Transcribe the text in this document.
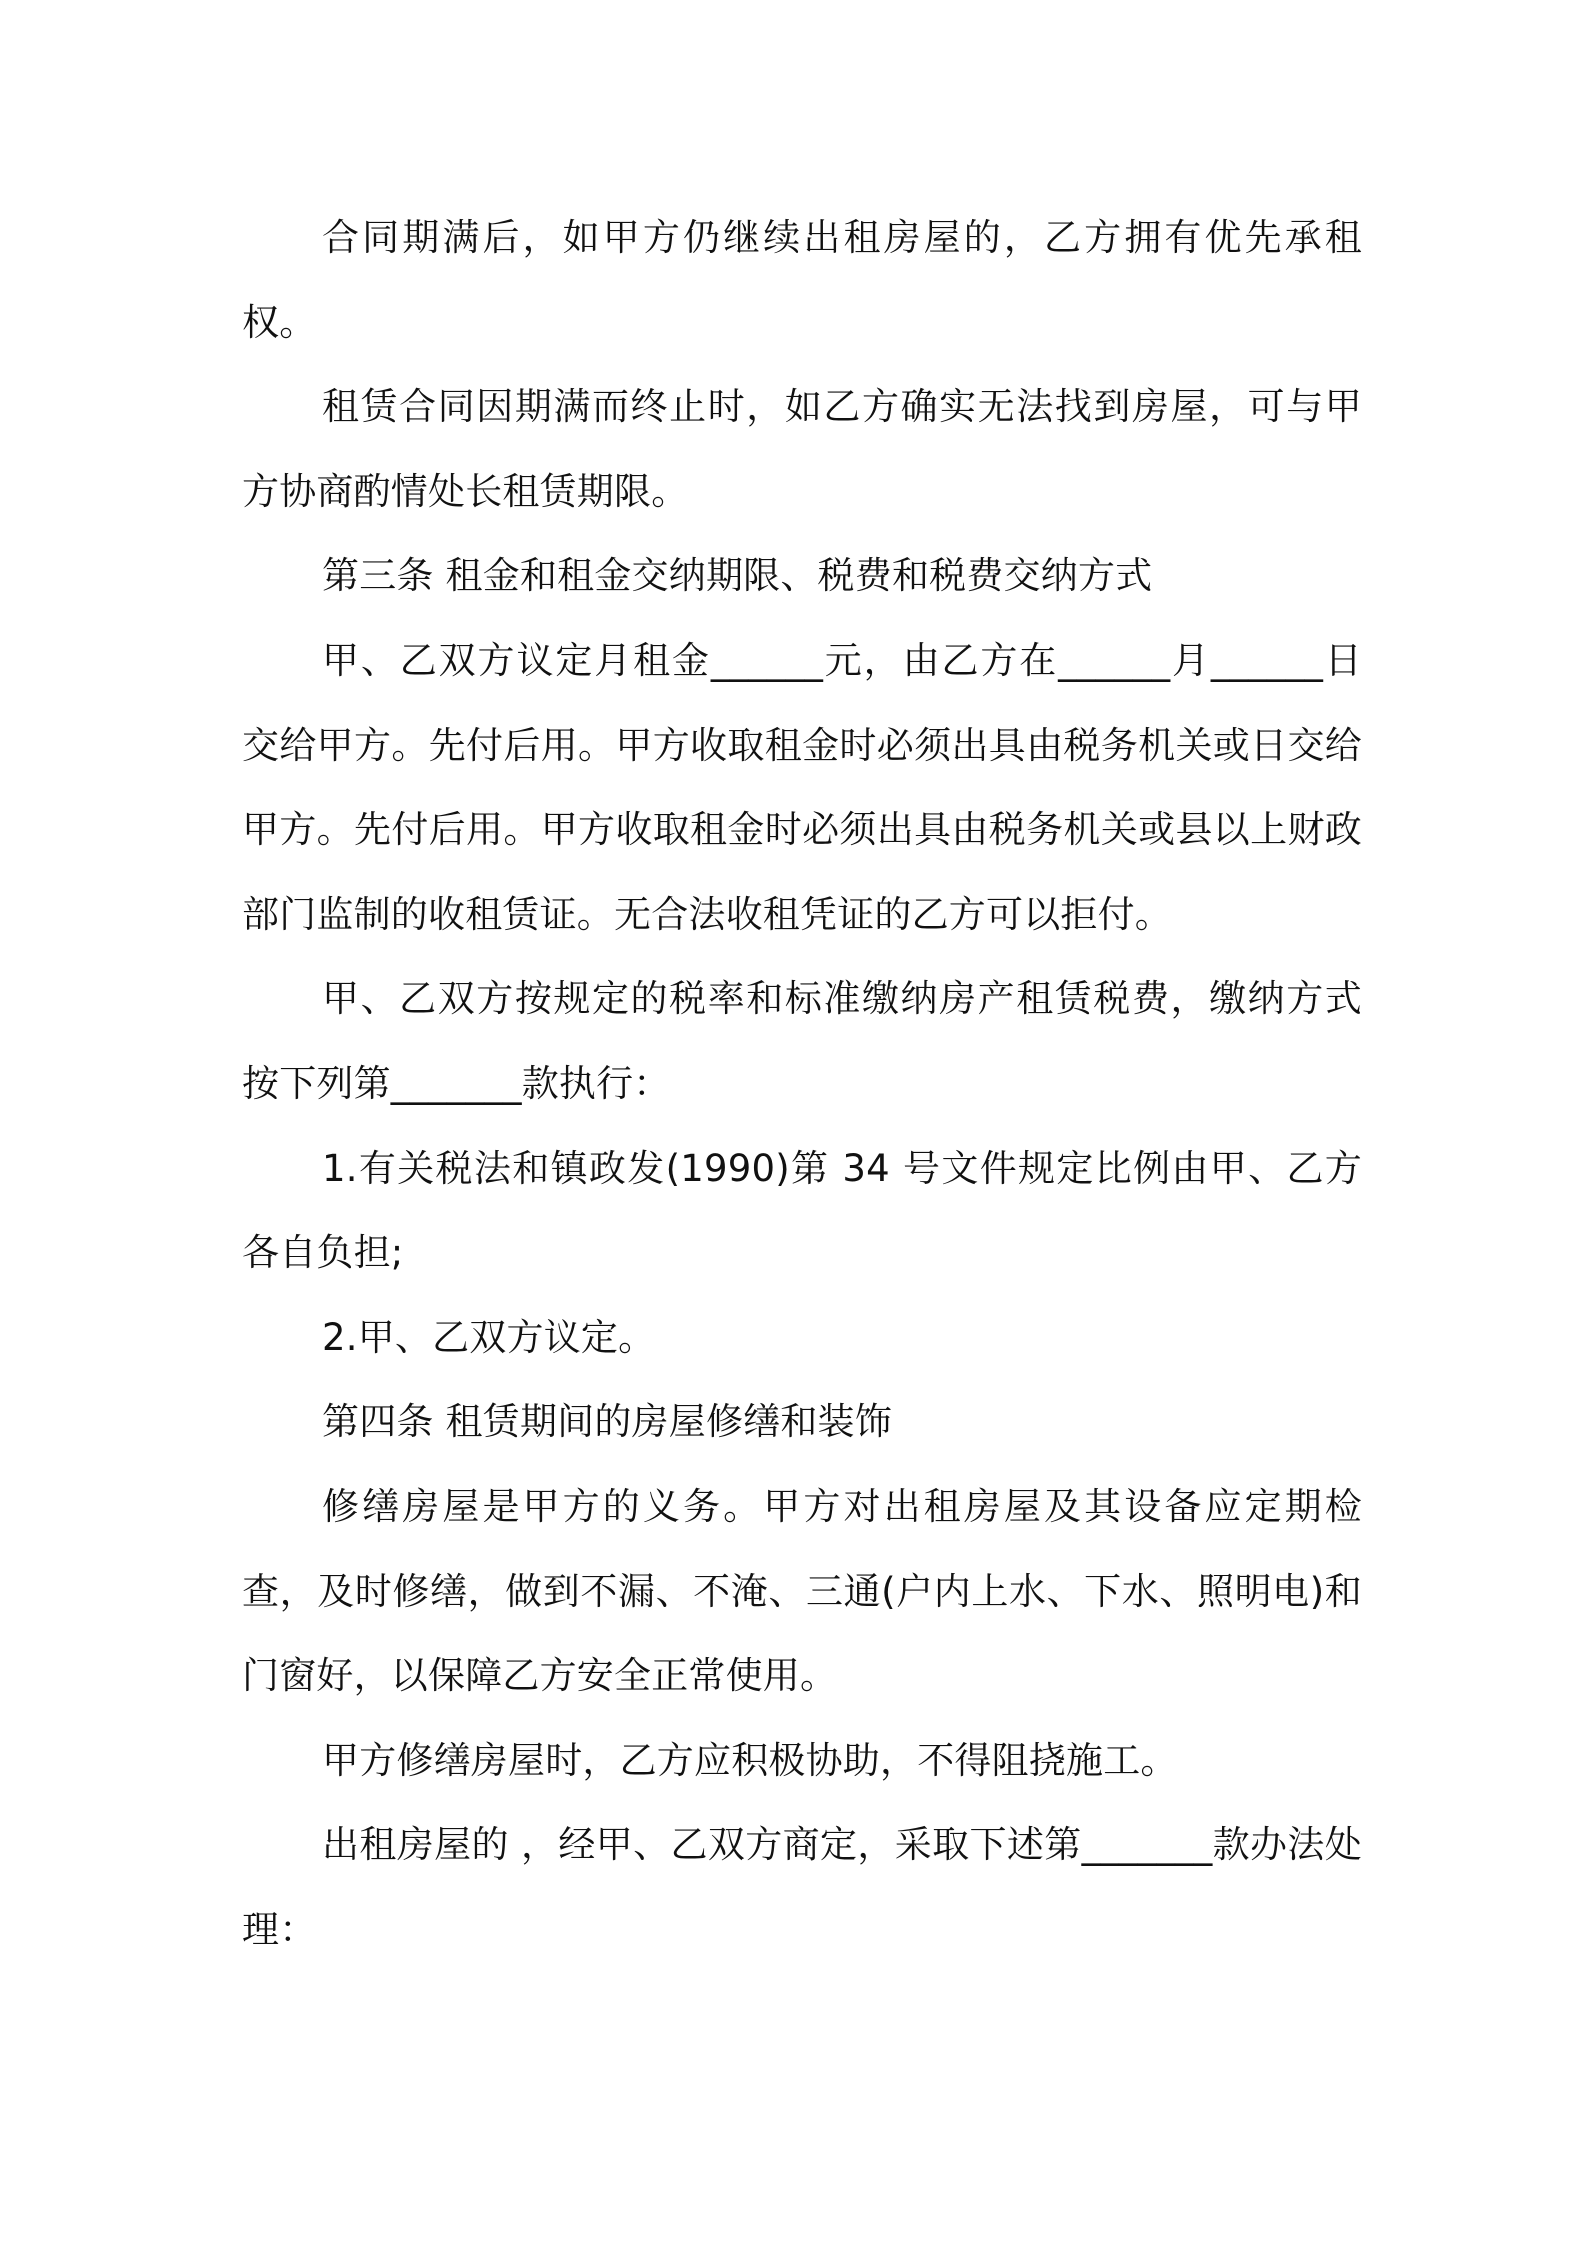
合同期满后，如甲方仍继续出租房屋的，乙方拥有优先承租权。

租赁合同因期满而终止时，如乙方确实无法找到房屋，可与甲方协商酌情处长租赁期限。

第三条 租金和租金交纳期限、税费和税费交纳方式

甲、乙双方议定月租金______元，由乙方在______月______日交给甲方。先付后用。甲方收取租金时必须出具由税务机关或日交给甲方。先付后用。甲方收取租金时必须出具由税务机关或县以上财政部门监制的收租赁证。无合法收租凭证的乙方可以拒付。

甲、乙双方按规定的税率和标准缴纳房产租赁税费，缴纳方式按下列第_______款执行：

1.有关税法和镇政发(1990)第 34 号文件规定比例由甲、乙方各自负担;

2.甲、乙双方议定。

第四条 租赁期间的房屋修缮和装饰

修缮房屋是甲方的义务。甲方对出租房屋及其设备应定期检查，及时修缮，做到不漏、不淹、三通(户内上水、下水、照明电)和门窗好，以保障乙方安全正常使用。

甲方修缮房屋时，乙方应积极协助，不得阻挠施工。

出租房屋的 ，经甲、乙双方商定，采取下述第_______款办法处理：
